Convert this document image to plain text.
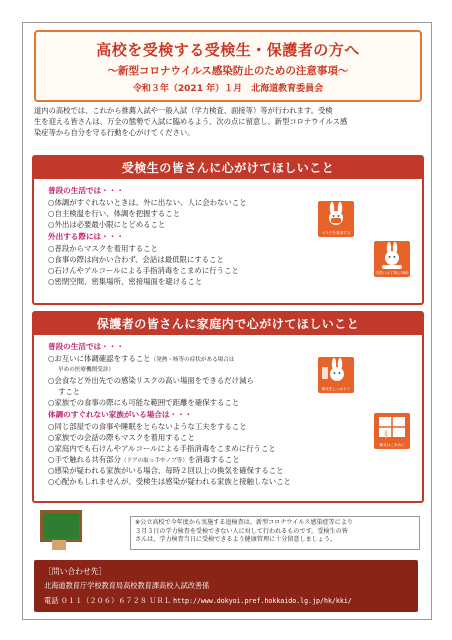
高校を受検する受検生・保護者の方へ
～新型コロナウイルス感染防止のための注意事項～
令和３年（2021 年）１月　北海道教育委員会
道内の高校では、これから推薦入試や一般入試（学力検査、面接等）等が行われます。受検
生を迎える皆さんは、万全の態勢で入試に臨めるよう、次の点に留意し、新型コロナウイルス感
染症等から自分を守る行動を心がけてください。
受検生の皆さんに心がけてほしいこと
普段の生活では・・・
○体調がすぐれないときは、外に出ない、人に会わないこと
○自主検温を行い、体調を把握すること
○外出は必要最小限にとどめること
外出する際には・・・
○普段からマスクを着用すること
○食事の際は向かい合わず、会話は最低限にすること
○石けんやアルコールによる手指消毒をこまめに行うこと
○密閉空間、密集場所、密接場面を避けること
マスクを着用する
手洗いは丁寧に30秒
保護者の皆さんに家庭内で心がけてほしいこと
普段の生活では・・・
○お互いに体調確認をすること（発熱・咳等の症状がある場合は
早めの医療機関受診）
○会食など外出先での感染リスクの高い場面をできるだけ減ら
すこと
○家族での食事の際にも可能な範囲で距離を確保すること
体調のすぐれない家族がいる場合は・・・
○同じ部屋での食事や睡眠をとらないような工夫をすること
○家族での会話の際もマスクを着用すること
○家庭内でも石けんやアルコールによる手指消毒をこまめに行うこと
○手で触れる共有部分（ドアの取っ手やノブ等）を消毒すること
○感染が疑われる家族がいる場合、毎時２回以上の換気を確保すること
○心配かもしれませんが、受検生は感染が疑われる家族と接触しないこと
換気をしっかりと
換気はこまめに
※公立高校で今年度から実施する追検査は、新型コロナウイルス感染症等により
３月３日の学力検査を受検できない人に対して行われるものです。受検生の皆
さんは、学力検査当日に受検できるよう健康管理に十分留意しましょう。
［問い合わせ先］
北海道教育庁学校教育局高校教育課高校入試改善係
電話 ０１１（２０６）６７２８ ＵＲＬ http://www.dokyoi.pref.hokkaido.lg.jp/hk/kki/
